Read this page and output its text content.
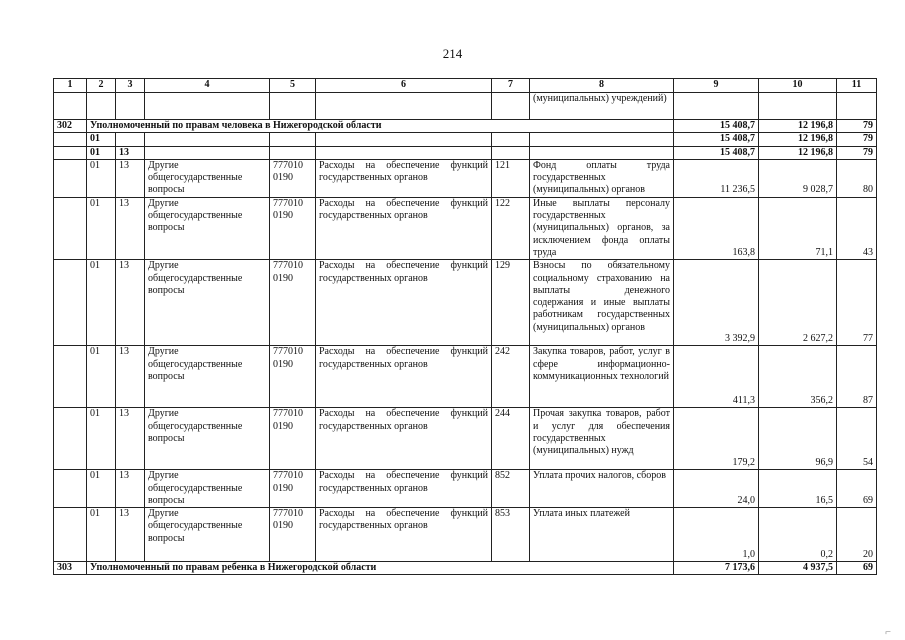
214
1	2	3	4	5	6	7	8	9	10	11
							(муниципальных) учреждений)			
302	Уполномоченный по правам человека в Нижегородской области							15 408,7	12 196,8	79
	01							15 408,7	12 196,8	79
	01	13						15 408,7	12 196,8	79
	01	13	Другие общегосударственные вопросы	777010 0190	Расходы на обеспечение функций государственных органов	121	Фонд оплаты труда государственных (муниципальных) органов	11 236,5	9 028,7	80
	01	13	Другие общегосударственные вопросы	777010 0190	Расходы на обеспечение функций государственных органов	122	Иные выплаты персоналу государственных (муниципальных) органов, за исключением фонда оплаты труда	163,8	71,1	43
	01	13	Другие общегосударственные вопросы	777010 0190	Расходы на обеспечение функций государственных органов	129	Взносы по обязательному социальному страхованию на выплаты денежного содержания и иные выплаты работникам государственных (муниципальных) органов	3 392,9	2 627,2	77
	01	13	Другие общегосударственные вопросы	777010 0190	Расходы на обеспечение функций государственных органов	242	Закупка товаров, работ, услуг в сфере информационно-коммуникационных технологий	411,3	356,2	87
	01	13	Другие общегосударственные вопросы	777010 0190	Расходы на обеспечение функций государственных органов	244	Прочая закупка товаров, работ и услуг для обеспечения государственных (муниципальных) нужд	179,2	96,9	54
	01	13	Другие общегосударственные вопросы	777010 0190	Расходы на обеспечение функций государственных органов	852	Уплата прочих налогов, сборов	24,0	16,5	69
	01	13	Другие общегосударственные вопросы	777010 0190	Расходы на обеспечение функций государственных органов	853	Уплата иных платежей	1,0	0,2	20
303	Уполномоченный по правам ребенка в Нижегородской области							7 173,6	4 937,5	69
⌐
